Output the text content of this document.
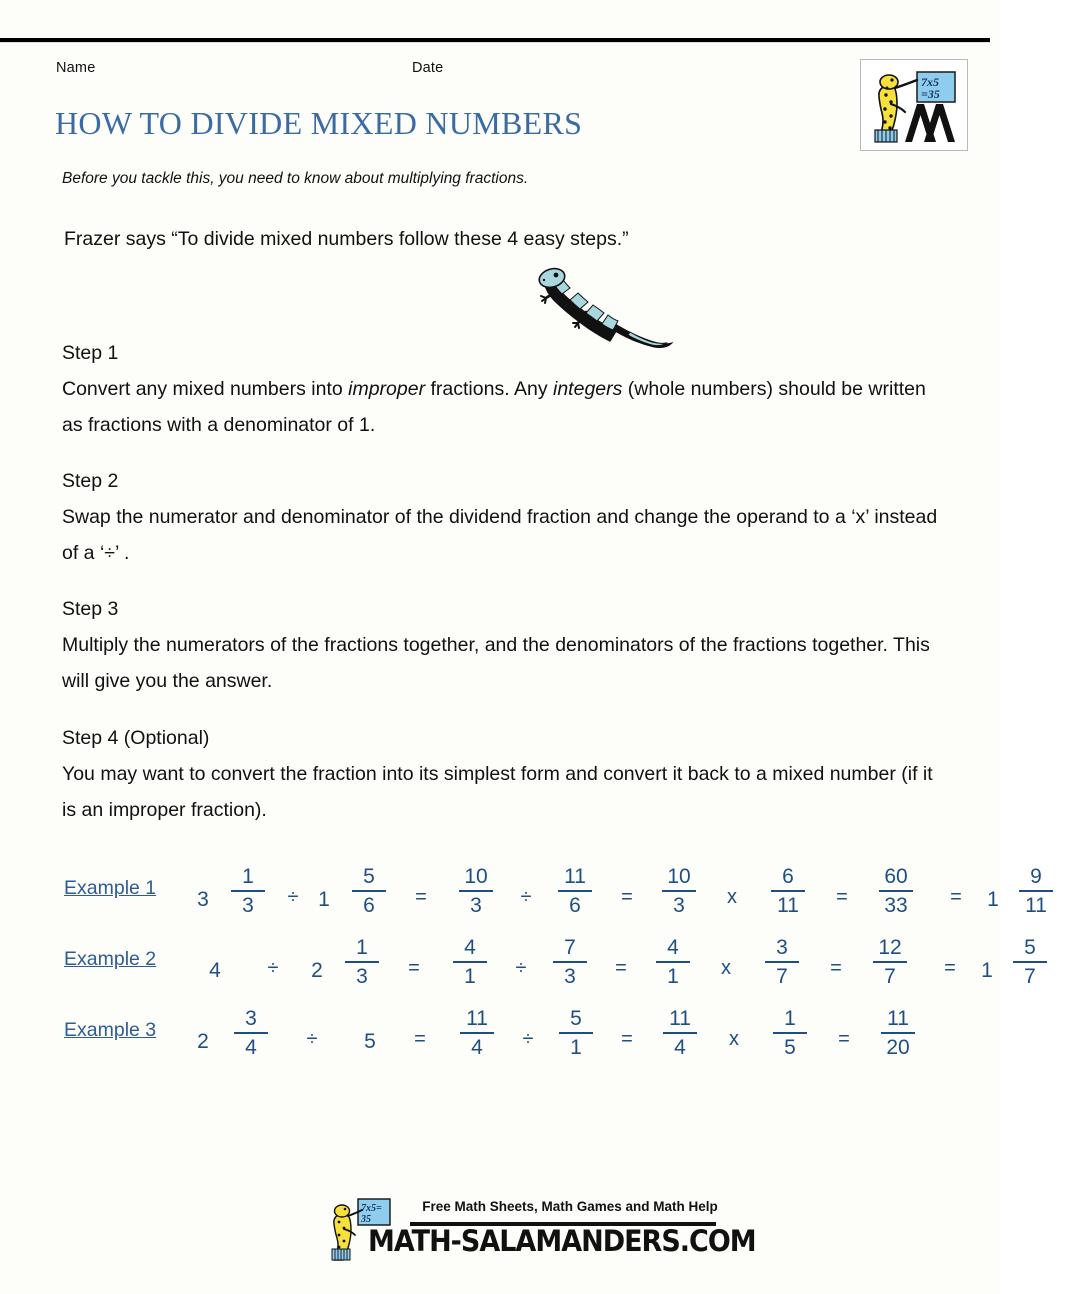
Name	Date
7x5
=35
HOW TO DIVIDE MIXED NUMBERS
Before you tackle this, you need to know about multiplying fractions.
Frazer says “To divide mixed numbers follow these 4 easy steps.”
Step 1
Convert any mixed numbers into improper fractions. Any integers (whole numbers) should be written as fractions with a denominator of 1.
Step 2
Swap the numerator and denominator of the dividend fraction and change the operand to a ‘x’ instead of a ‘÷’ .
Step 3
Multiply the numerators of the fractions together, and the denominators of the fractions together. This will give you the answer.
Step 4 (Optional)
You may want to convert the fraction into its simplest form and convert it back to a mixed number (if it is an improper fraction).
Example 1 $3 \frac{1}{3} \div 1 \frac{5}{6} = \frac{10}{3} \div \frac{11}{6} = \frac{10}{3}$ x $\frac{6}{11} = \frac{60}{33} = 1 \frac{9}{11}$
Example 2	$4 \div 2 \frac{1}{3} = \frac{4}{1} \div \frac{7}{3} = \frac{4}{1}$ x $\frac{3}{7} = \frac{12}{7} = 1 \frac{5}{7}$
Example 3 $2 \frac{3}{4} \div 5 = \frac{11}{4} \div \frac{5}{1} = \frac{11}{4}$ x $\frac{1}{5} = \frac{11}{20}$
7x5=
35
Free Math Sheets, Math Games and Math Help
MATH-SALAMANDERS.COM
